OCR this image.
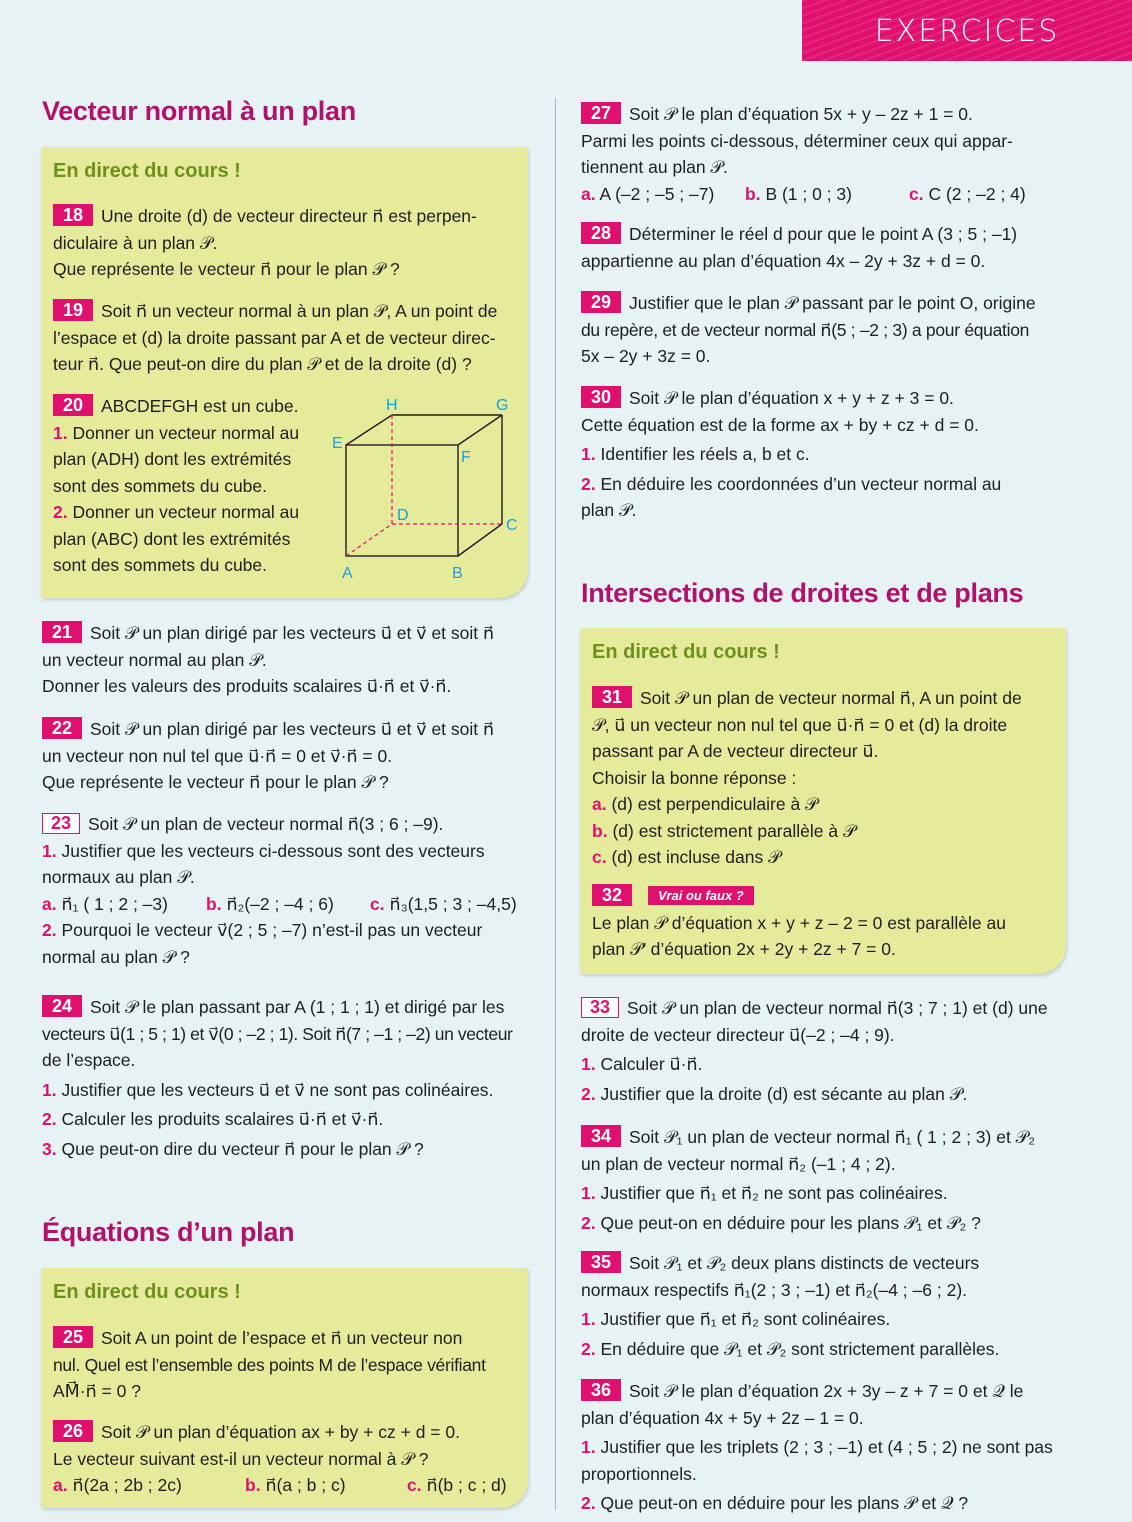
EXERCICES
Vecteur normal à un plan
En direct du cours !

18 Une droite (d) de vecteur directeur n⃗ est perpen-

diculaire à un plan 𝒫.

Que représente le vecteur n⃗ pour le plan 𝒫 ?

19 Soit n⃗ un vecteur normal à un plan 𝒫, A un point de

l’espace et (d) la droite passant par A et de vecteur direc-

teur n⃗. Que peut-on dire du plan 𝒫 et de la droite (d) ?

20 ABCDEFGH est un cube.

1. Donner un vecteur normal au

plan (ADH) dont les extrémités

sont des sommets du cube.

2. Donner un vecteur normal au

plan (ABC) dont les extrémités

sont des sommets du cube.	A	B
C
D
E
F
G
H

21 Soit 𝒫 un plan dirigé par les vecteurs u⃗ et v⃗ et soit n⃗

un vecteur normal au plan 𝒫.

Donner les valeurs des produits scalaires u⃗·n⃗ et v⃗·n⃗.

22 Soit 𝒫 un plan dirigé par les vecteurs u⃗ et v⃗ et soit n⃗

un vecteur non nul tel que u⃗·n⃗ = 0 et v⃗·n⃗ = 0.

Que représente le vecteur n⃗ pour le plan 𝒫 ?

23 Soit 𝒫 un plan de vecteur normal n⃗(3 ; 6 ; –9).

1. Justifier que les vecteurs ci-dessous sont des vecteurs

normaux au plan 𝒫.

a. n⃗₁ ( 1 ; 2 ; –3) b. n⃗₂(–2 ; –4 ; 6) c. n⃗₃(1,5 ; 3 ; –4,5)

2. Pourquoi le vecteur v⃗(2 ; 5 ; –7) n’est-il pas un vecteur

normal au plan 𝒫 ?

24 Soit 𝒫 le plan passant par A (1 ; 1 ; 1) et dirigé par les

vecteurs u⃗(1 ; 5 ; 1) et v⃗(0 ; –2 ; 1). Soit n⃗(7 ; –1 ; –2) un vecteur

de l’espace.

1. Justifier que les vecteurs u⃗ et v⃗ ne sont pas colinéaires.

2. Calculer les produits scalaires u⃗·n⃗ et v⃗·n⃗.

3. Que peut-on dire du vecteur n⃗ pour le plan 𝒫 ?

Équations d’un plan
En direct du cours !

25 Soit A un point de l’espace et n⃗ un vecteur non

nul. Quel est l’ensemble des points M de l’espace vérifiant

AM⃗·n⃗ = 0 ?

26 Soit 𝒫 un plan d’équation ax + by + cz + d = 0.

Le vecteur suivant est-il un vecteur normal à 𝒫 ?

a. n⃗(2a ; 2b ; 2c)	b. n⃗(a ; b ; c)	c. n⃗(b ; c ; d)

27 Soit 𝒫 le plan d’équation 5x + y – 2z + 1 = 0.

Parmi les points ci-dessous, déterminer ceux qui appar-

tiennent au plan 𝒫.

a. A (–2 ; –5 ; –7) b. B (1 ; 0 ; 3)	c. C (2 ; –2 ; 4)

28 Déterminer le réel d pour que le point A (3 ; 5 ; –1)

appartienne au plan d’équation 4x – 2y + 3z + d = 0.

29 Justifier que le plan 𝒫 passant par le point O, origine

du repère, et de vecteur normal n⃗(5 ; –2 ; 3) a pour équation

5x – 2y + 3z = 0.

30 Soit 𝒫 le plan d’équation x + y + z + 3 = 0.

Cette équation est de la forme ax + by + cz + d = 0.

1. Identifier les réels a, b et c.

2. En déduire les coordonnées d’un vecteur normal au

plan 𝒫.

Intersections de droites et de plans
En direct du cours !

31 Soit 𝒫 un plan de vecteur normal n⃗, A un point de

𝒫, u⃗ un vecteur non nul tel que u⃗·n⃗ = 0 et (d) la droite

passant par A de vecteur directeur u⃗.

Choisir la bonne réponse :

a. (d) est perpendiculaire à 𝒫

b. (d) est strictement parallèle à 𝒫

c. (d) est incluse dans 𝒫

32	Vrai ou faux ?

Le plan 𝒫 d’équation x + y + z – 2 = 0 est parallèle au

plan 𝒫’ d’équation 2x + 2y + 2z + 7 = 0.

33 Soit 𝒫 un plan de vecteur normal n⃗(3 ; 7 ; 1) et (d) une

droite de vecteur directeur u⃗(–2 ; –4 ; 9).

1. Calculer u⃗·n⃗.

2. Justifier que la droite (d) est sécante au plan 𝒫.

34 Soit 𝒫₁ un plan de vecteur normal n⃗₁ ( 1 ; 2 ; 3) et 𝒫₂

un plan de vecteur normal n⃗₂ (–1 ; 4 ; 2).

1. Justifier que n⃗₁ et n⃗₂ ne sont pas colinéaires.

2. Que peut-on en déduire pour les plans 𝒫₁ et 𝒫₂ ?

35 Soit 𝒫₁ et 𝒫₂ deux plans distincts de vecteurs

normaux respectifs n⃗₁(2 ; 3 ; –1) et n⃗₂(–4 ; –6 ; 2).

1. Justifier que n⃗₁ et n⃗₂ sont colinéaires.

2. En déduire que 𝒫₁ et 𝒫₂ sont strictement parallèles.

36 Soit 𝒫 le plan d’équation 2x + 3y – z + 7 = 0 et 𝒬 le

plan d’équation 4x + 5y + 2z – 1 = 0.

1. Justifier que les triplets (2 ; 3 ; –1) et (4 ; 5 ; 2) ne sont pas

proportionnels.

2. Que peut-on en déduire pour les plans 𝒫 et 𝒬 ?
